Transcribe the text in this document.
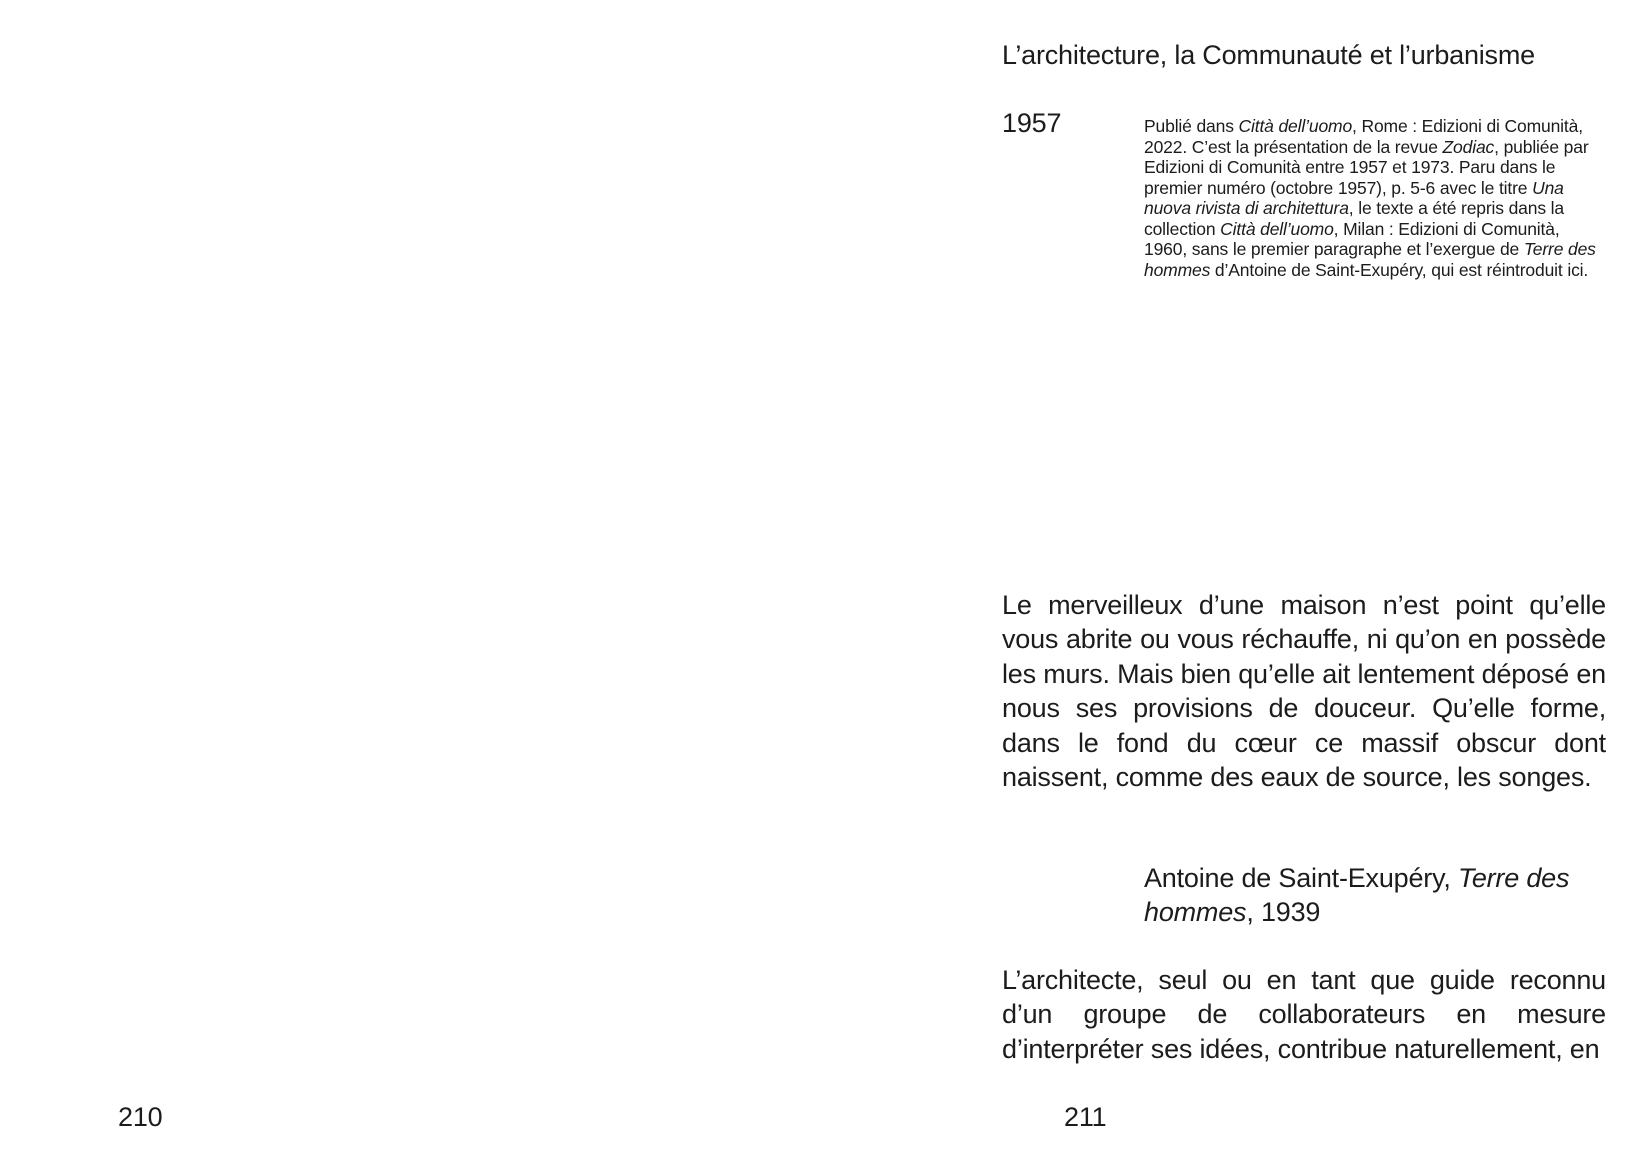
210
L’architecture, la Communauté et l’urbanisme
1957	Publié dans Città dell’uomo, Rome : Edizioni di Comunità, 2022. C’est la présentation de la revue Zodiac, publiée par Edizioni di Comunità entre 1957 et 1973. Paru dans le premier numéro (octobre 1957), p. 5-6 avec le titre Una nuova rivista di architettura, le texte a été repris dans la collection Città dell’uomo, Milan : Edizioni di Comunità, 1960, sans le premier paragraphe et l’exergue de Terre des hommes d’Antoine de Saint-Exupéry, qui est réintroduit ici.

Le merveilleux d’une maison n’est point qu’elle vous abrite ou vous réchauffe, ni qu’on en possède les murs. Mais bien qu’elle ait lentement déposé en nous ses provisions de douceur. Qu’elle forme, dans le fond du cœur ce massif obscur dont naissent, comme des eaux de source, les songes.

Antoine de Saint-Exupéry, Terre des hommes, 1939

L’architecte, seul ou en tant que guide reconnu d’un groupe de collaborateurs en mesure d’interpréter ses idées, contribue naturellement, en

211
